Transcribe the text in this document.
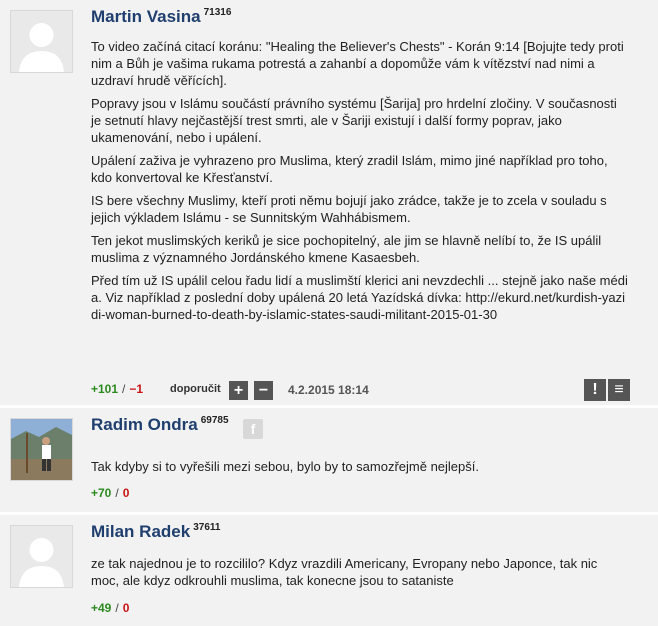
Martin Vasina $^{71316}$

To video začíná citací koránu: "Healing the Believer's Chests" - Korán 9:14 [Bojujte tedy proti nim a Bůh je vašima rukama potrestá a zahanbí a dopomůže vám k vítězství nad nimi a uzdraví hrudě věřících].

Popravy jsou v Islámu součástí právního systému [Šarija] pro hrdelní zločiny. V současnosti je setnutí hlavy nejčastější trest smrti, ale v Šariji existují i další formy poprav, jako ukamenování, nebo i upálení.

Upálení zaživa je vyhrazeno pro Muslima, který zradil Islám, mimo jiné například pro toho, kdo konvertoval ke Křesťanství.

IS bere všechny Muslimy, kteří proti němu bojují jako zrádce, takže je to zcela v souladu s jejich výkladem Islámu - se Sunnitským Wahhábismem.

Ten jekot muslimských keriků je sice pochopitelný, ale jim se hlavně nelíbí to, že IS upálil muslima z významného Jordánského kmene Kasaesbeh.

Před tím už IS upálil celou řadu lidí a muslimští klerici ani nevzdechli ... stejně jako naše média. Viz například z poslední doby upálená 20 letá Yazídská dívka: http://ekurd.net/kurdish-yazidi-woman-burned-to-death-by-islamic-states-saudi-militant-2015-01-30

+101 / −1 doporučit + −	4.2.2015 18:14	!	≡
Radim Ondra $^{69785}$
f

Tak kdyby si to vyřešili mezi sebou, bylo by to samozřejmě nejlepší.

+70 / 0
Milan Radek $^{37611}$

ze tak najednou je to rozcililo? Kdyz vrazdili Americany, Evropany nebo Japonce, tak nic moc, ale kdyz odkrouhli muslima, tak konecne jsou to sataniste

+49 / 0
